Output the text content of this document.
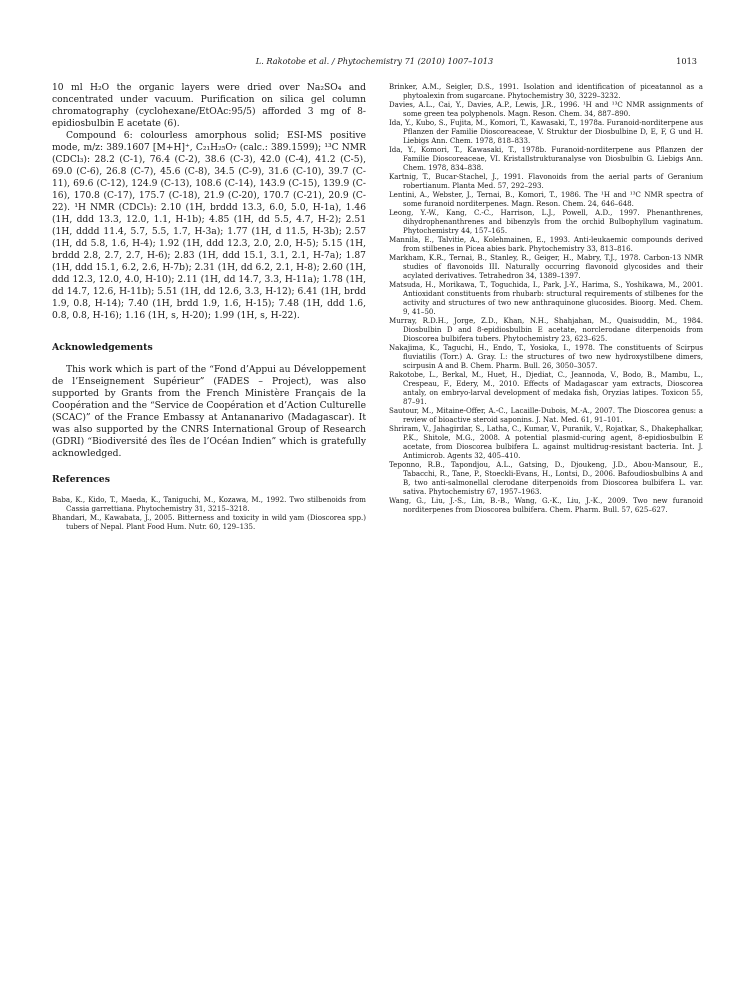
L. Rakotobe et al. / Phytochemistry 71 (2010) 1007–1013	1013

10 ml H₂O the organic layers were dried over Na₂SO₄ and concentrated under vacuum. Purification on silica gel column chromatography (cyclohexane/EtOAc:95/5) afforded 3 mg of 8-epidiosbulbin E acetate (6).

Compound 6: colourless amorphous solid; ESI-MS positive mode, m/z: 389.1607 [M+H]⁺, C₂₁H₂₅O₇ (calc.: 389.1599); ¹³C NMR (CDCl₃): 28.2 (C-1), 76.4 (C-2), 38.6 (C-3), 42.0 (C-4), 41.2 (C-5), 69.0 (C-6), 26.8 (C-7), 45.6 (C-8), 34.5 (C-9), 31.6 (C-10), 39.7 (C-11), 69.6 (C-12), 124.9 (C-13), 108.6 (C-14), 143.9 (C-15), 139.9 (C-16), 170.8 (C-17), 175.7 (C-18), 21.9 (C-20), 170.7 (C-21), 20.9 (C-22). ¹H NMR (CDCl₃): 2.10 (1H, brddd 13.3, 6.0, 5.0, H-1a), 1.46 (1H, ddd 13.3, 12.0, 1.1, H-1b); 4.85 (1H, dd 5.5, 4.7, H-2); 2.51 (1H, dddd 11.4, 5.7, 5.5, 1.7, H-3a); 1.77 (1H, d 11.5, H-3b); 2.57 (1H, dd 5.8, 1.6, H-4); 1.92 (1H, ddd 12.3, 2.0, 2.0, H-5); 5.15 (1H, brddd 2.8, 2.7, 2.7, H-6); 2.83 (1H, ddd 15.1, 3.1, 2.1, H-7a); 1.87 (1H, ddd 15.1, 6.2, 2.6, H-7b); 2.31 (1H, dd 6.2, 2.1, H-8); 2.60 (1H, ddd 12.3, 12.0, 4.0, H-10); 2.11 (1H, dd 14.7, 3.3, H-11a); 1.78 (1H, dd 14.7, 12.6, H-11b); 5.51 (1H, dd 12.6, 3.3, H-12); 6.41 (1H, brdd 1.9, 0.8, H-14); 7.40 (1H, brdd 1.9, 1.6, H-15); 7.48 (1H, ddd 1.6, 0.8, 0.8, H-16); 1.16 (1H, s, H-20); 1.99 (1H, s, H-22).

Acknowledgements

This work which is part of the “Fond d’Appui au Développement de l’Enseignement Supérieur” (FADES – Project), was also supported by Grants from the French Ministère Français de la Coopération and the “Service de Coopération et d’Action Culturelle (SCAC)” of the France Embassy at Antananarivo (Madagascar). It was also supported by the CNRS International Group of Research (GDRI) “Biodiversité des îles de l’Océan Indien” which is gratefully acknowledged.

References
Baba, K., Kido, T., Maeda, K., Taniguchi, M., Kozawa, M., 1992. Two stilbenoids from Cassia garrettiana. Phytochemistry 31, 3215–3218.
Bhandari, M., Kawabata, J., 2005. Bitterness and toxicity in wild yam (Dioscorea spp.) tubers of Nepal. Plant Food Hum. Nutr. 60, 129–135.
Brinker, A.M., Seigler, D.S., 1991. Isolation and identification of piceatannol as a phytoalexin from sugarcane. Phytochemistry 30, 3229–3232.
Davies, A.L., Cai, Y., Davies, A.P., Lewis, J.R., 1996. ¹H and ¹³C NMR assignments of some green tea polyphenols. Magn. Reson. Chem. 34, 887–890.
Ida, Y., Kubo, S., Fujita, M., Komori, T., Kawasaki, T., 1978a. Furanoid-norditerpene aus Pflanzen der Familie Dioscoreaceae, V. Struktur der Diosbulbine D, E, F, G und H. Liebigs Ann. Chem. 1978, 818–833.
Ida, Y., Komori, T., Kawasaki, T., 1978b. Furanoid-norditerpene aus Pflanzen der Familie Dioscoreaceae, VI. Kristallstrukturanalyse von Diosbulbin G. Liebigs Ann. Chem. 1978, 834–838.
Kartnig, T., Bucar-Stachel, J., 1991. Flavonoids from the aerial parts of Geranium robertianum. Planta Med. 57, 292–293.
Lentini, A., Webster, J., Ternai, B., Komori, T., 1986. The ¹H and ¹³C NMR spectra of some furanoid norditerpenes. Magn. Reson. Chem. 24, 646–648.
Leong, Y.-W., Kang, C.-C., Harrison, L.J., Powell, A.D., 1997. Phenanthrenes, dihydrophenanthrenes and bibenzyls from the orchid Bulbophyllum vaginatum. Phytochemistry 44, 157–165.
Mannila, E., Talvitie, A., Kolehmainen, E., 1993. Anti-leukaemic compounds derived from stilbenes in Picea abies bark. Phytochemistry 33, 813–816.
Markham, K.R., Ternai, B., Stanley, R., Geiger, H., Mabry, T.J., 1978. Carbon-13 NMR studies of flavonoids III. Naturally occurring flavonoid glycosides and their acylated derivatives. Tetrahedron 34, 1389–1397.
Matsuda, H., Morikawa, T., Toguchida, I., Park, J.-Y., Harima, S., Yoshikawa, M., 2001. Antioxidant constituents from rhubarb: structural requirements of stilbenes for the activity and structures of two new anthraquinone glucosides. Bioorg. Med. Chem. 9, 41–50.
Murray, R.D.H., Jorge, Z.D., Khan, N.H., Shahjahan, M., Quaisuddin, M., 1984. Diosbulbin D and 8-epidiosbulbin E acetate, norclerodane diterpenoids from Dioscorea bulbifera tubers. Phytochemistry 23, 623–625.
Nakajima, K., Taguchi, H., Endo, T., Yosioka, I., 1978. The constituents of Scirpus fluviatilis (Torr.) A. Gray. I.: the structures of two new hydroxystilbene dimers, scirpusin A and B. Chem. Pharm. Bull. 26, 3050–3057.
Rakotobe, L., Berkal, M., Huet, H., Djediat, C., Jeannoda, V., Bodo, B., Mambu, L., Crespeau, F., Edery, M., 2010. Effects of Madagascar yam extracts, Dioscorea antaly, on embryo-larval development of medaka fish, Oryzias latipes. Toxicon 55, 87–91.
Sautour, M., Mitaine-Offer, A.-C., Lacaille-Dubois, M.-A., 2007. The Dioscorea genus: a review of bioactive steroid saponins. J. Nat. Med. 61, 91–101.
Shriram, V., Jahagirdar, S., Latha, C., Kumar, V., Puranik, V., Rojatkar, S., Dhakephalkar, P.K., Shitole, M.G., 2008. A potential plasmid-curing agent, 8-epidiosbulbin E acetate, from Dioscorea bulbifera L. against multidrug-resistant bacteria. Int. J. Antimicrob. Agents 32, 405–410.
Teponno, R.B., Tapondjou, A.L., Gatsing, D., Djoukeng, J.D., Abou-Mansour, E., Tabacchi, R., Tane, P., Stoeckli-Evans, H., Lontsi, D., 2006. Bafoudiosbulbins A and B, two anti-salmonellal clerodane diterpenoids from Dioscorea bulbifera L. var. sativa. Phytochemistry 67, 1957–1963.
Wang, G., Liu, J.-S., Lin, B.-B., Wang, G.-K., Liu, J.-K., 2009. Two new furanoid norditerpenes from Dioscorea bulbifera. Chem. Pharm. Bull. 57, 625–627.
